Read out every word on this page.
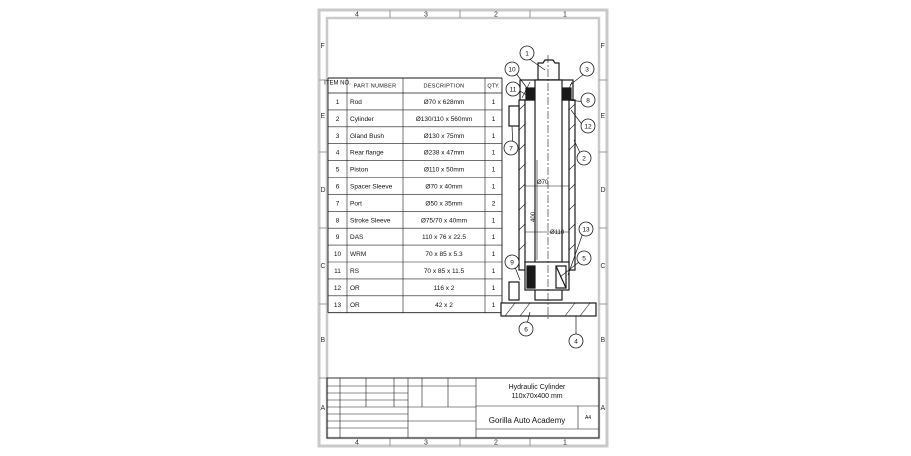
4	3	2	1
4	3	2	1
F
E
D
C
B
A
F
E
D
C
B
A
ITEM NO. PART NUMBER	DESCRIPTION	QTY.
1 Rod	Ø70 x 628mm	1
2 Cylinder	Ø130/110 x 560mm	1
3 Gland Bush	Ø130 x 75mm	1
4 Rear flange	Ø238 x 47mm	1
5 Piston	Ø110 x 50mm	1
6 Spacer Sleeve	Ø70 x 40mm	1
7 Port	Ø50 x 35mm	2
8 Stroke Sleeve	Ø75/70 x 40mm	1
9 DAS	110 x 76 x 22.5	1
10 WRM	70 x 85 x 5.3	1
11 RS	70 x 85 x 11.5	1
12 OR	116 x 2	1
13 OR	42 x 2	1
Ø70
400
Ø110
1
10
11
3
8
12
2
7
13
5
9
6
4
Hydraulic Cylinder
110x70x400 mm
Gorilla Auto Academy	A4
